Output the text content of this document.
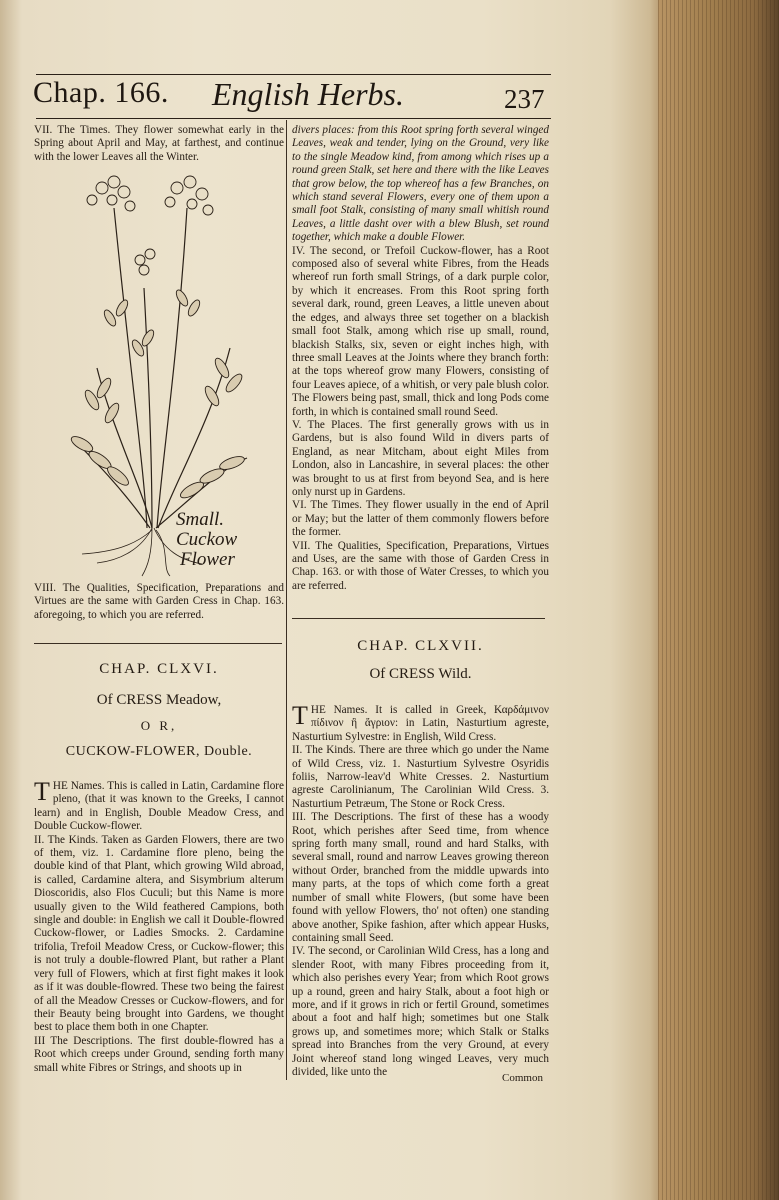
Chap. 166. English Herbs.	237

VII. The Times. They flower somewhat early in the Spring about April and May, at farthest, and continue with the lower Leaves all the Winter.

Small.
Cuckow
Flower

VIII. The Qualities, Specification, Preparations and Virtues are the same with Garden Cress in Chap. 163. aforegoing, to which you are referred.

CHAP. CLXVI.
Of CRESS Meadow,
O R,
CUCKOW-FLOWER, Double.

THE Names. This is called in Latin, Cardamine flore pleno, (that it was known to the Greeks, I cannot learn) and in English, Double Meadow Cress, and Double Cuckow-flower.

II. The Kinds. Taken as Garden Flowers, there are two of them, viz. 1. Cardamine flore pleno, being the double kind of that Plant, which growing Wild abroad, is called, Cardamine altera, and Sisymbrium alterum Dioscoridis, also Flos Cuculi; but this Name is more usually given to the Wild feathered Campions, both single and double: in English we call it Double-flowred Cuckow-flower, or Ladies Smocks. 2. Cardamine trifolia, Trefoil Meadow Cress, or Cuckow-flower; this is not truly a double-flowred Plant, but rather a Plant very full of Flowers, which at first fight makes it look as if it was double-flowred. These two being the fairest of all the Meadow Cresses or Cuckow-flowers, and for their Beauty being brought into Gardens, we thought best to place them both in one Chapter.

III The Descriptions. The first double-flowred has a Root which creeps under Ground, sending forth many small white Fibres or Strings, and shoots up in

divers places: from this Root spring forth several winged Leaves, weak and tender, lying on the Ground, very like to the single Meadow kind, from among which rises up a round green Stalk, set here and there with the like Leaves that grow below, the top whereof has a few Branches, on which stand several Flowers, every one of them upon a small foot Stalk, consisting of many small whitish round Leaves, a little dasht over with a blew Blush, set round together, which make a double Flower.

IV. The second, or Trefoil Cuckow-flower, has a Root composed also of several white Fibres, from the Heads whereof run forth small Strings, of a dark purple color, by which it encreases. From this Root spring forth several dark, round, green Leaves, a little uneven about the edges, and always three set together on a blackish small foot Stalk, among which rise up small, round, blackish Stalks, six, seven or eight inches high, with three small Leaves at the Joints where they branch forth: at the tops whereof grow many Flowers, consisting of four Leaves apiece, of a whitish, or very pale blush color. The Flowers being past, small, thick and long Pods come forth, in which is contained small round Seed.

V. The Places. The first generally grows with us in Gardens, but is also found Wild in divers parts of England, as near Mitcham, about eight Miles from London, also in Lancashire, in several places: the other was brought to us at first from beyond Sea, and is here only nurst up in Gardens.

VI. The Times. They flower usually in the end of April or May; but the latter of them commonly flowers before the former.

VII. The Qualities, Specification, Preparations, Virtues and Uses, are the same with those of Garden Cress in Chap. 163. or with those of Water Cresses, to which you are referred.

CHAP. CLXVII.
Of CRESS Wild.

THE Names. It is called in Greek, Καρδάμινον πίδινον ἢ ἄγριον: in Latin, Nasturtium agreste, Nasturtium Sylvestre: in English, Wild Cress.

II. The Kinds. There are three which go under the Name of Wild Cress, viz. 1. Nasturtium Sylvestre Osyridis foliis, Narrow-leav'd White Cresses. 2. Nasturtium agreste Carolinianum, The Carolinian Wild Cress. 3. Nasturtium Petræum, The Stone or Rock Cress.

III. The Descriptions. The first of these has a woody Root, which perishes after Seed time, from whence spring forth many small, round and hard Stalks, with several small, round and narrow Leaves growing thereon without Order, branched from the middle upwards into many parts, at the tops of which come forth a great number of small white Flowers, (but some have been found with yellow Flowers, tho' not often) one standing above another, Spike fashion, after which appear Husks, containing small Seed.

IV. The second, or Carolinian Wild Cress, has a long and slender Root, with many Fibres proceeding from it, which also perishes every Year; from which Root grows up a round, green and hairy Stalk, about a foot high or more, and if it grows in rich or fertil Ground, sometimes about a foot and half high; sometimes but one Stalk grows up, and sometimes more; which Stalk or Stalks spread into Branches from the very Ground, at every Joint whereof stand long winged Leaves, very much divided, like unto the

Common
